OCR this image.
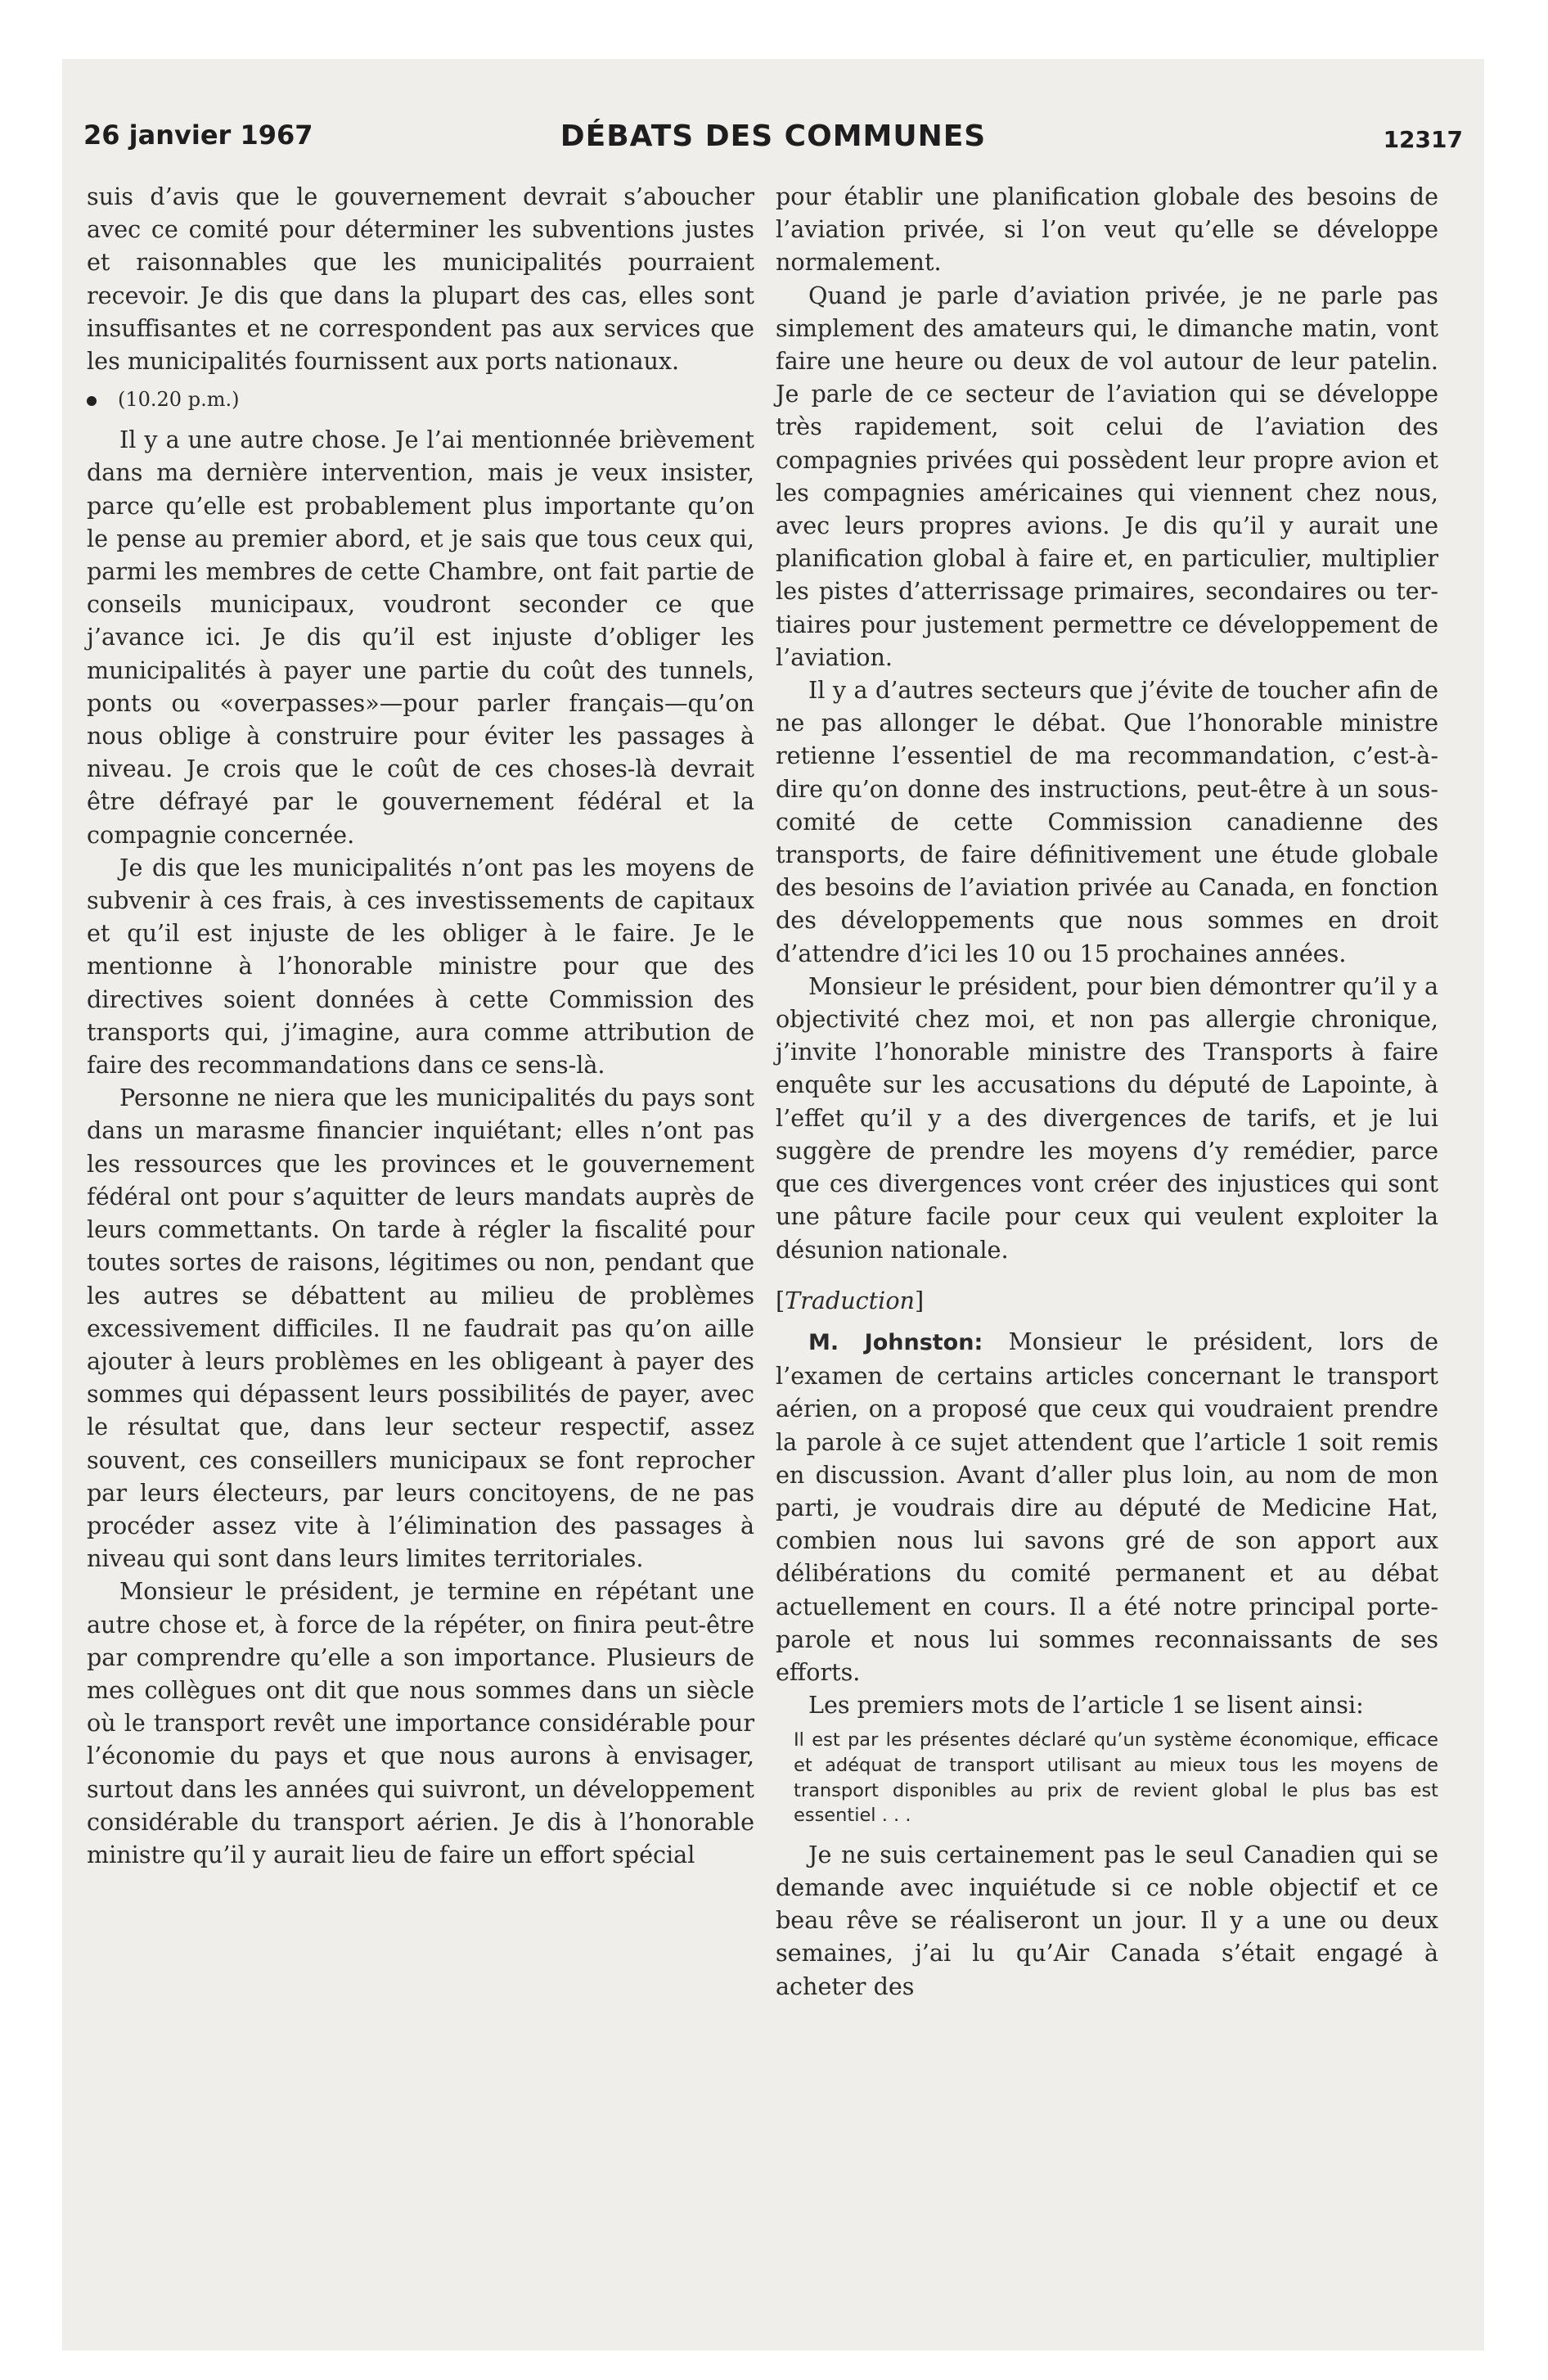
26 janvier 1967	DÉBATS DES COMMUNES	12317

suis d’avis que le gouvernement devrait s’aboucher avec ce comité pour déterminer les subventions justes et raisonnables que les municipalités pourraient recevoir. Je dis que dans la plupart des cas, elles sont insuffisantes et ne correspondent pas aux services que les municipalités fournissent aux ports nationaux.

(10.20 p.m.)

Il y a une autre chose. Je l’ai mentionnée brièvement dans ma dernière intervention, mais je veux insister, parce qu’elle est probablement plus importante qu’on le pense au premier abord, et je sais que tous ceux qui, parmi les membres de cette Chambre, ont fait partie de conseils municipaux, voudront seconder ce que j’avance ici. Je dis qu’il est injuste d’obliger les municipalités à payer une partie du coût des tunnels, ponts ou «overpasses»—pour parler français—qu’on nous oblige à construire pour éviter les passages à niveau. Je crois que le coût de ces choses-là devrait être défrayé par le gouvernement fédéral et la compagnie concernée.

Je dis que les municipalités n’ont pas les moyens de subvenir à ces frais, à ces investissements de capitaux et qu’il est injuste de les obliger à le faire. Je le mentionne à l’honorable ministre pour que des directives soient données à cette Commission des transports qui, j’imagine, aura comme attribution de faire des recommandations dans ce sens-là.

Personne ne niera que les municipalités du pays sont dans un marasme financier inquiétant; elles n’ont pas les ressources que les provinces et le gouvernement fédéral ont pour s’aquitter de leurs mandats auprès de leurs commettants. On tarde à régler la fiscalité pour toutes sortes de raisons, légitimes ou non, pendant que les autres se débattent au milieu de problèmes excessivement difficiles. Il ne faudrait pas qu’on aille ajouter à leurs problèmes en les obligeant à payer des sommes qui dépassent leurs possibilités de payer, avec le résultat que, dans leur secteur respectif, assez souvent, ces conseillers municipaux se font reprocher par leurs électeurs, par leurs concitoyens, de ne pas procéder assez vite à l’élimination des passages à niveau qui sont dans leurs limites territoriales.

Monsieur le président, je termine en répétant une autre chose et, à force de la répéter, on finira peut-être par comprendre qu’elle a son importance. Plusieurs de mes collègues ont dit que nous sommes dans un siècle où le transport revêt une importance considérable pour l’économie du pays et que nous aurons à envisager, surtout dans les années qui suivront, un développement considérable du transport aérien. Je dis à l’honorable ministre qu’il y aurait lieu de faire un effort spécial

pour établir une planification globale des besoins de l’aviation privée, si l’on veut qu’elle se développe normalement.

Quand je parle d’aviation privée, je ne parle pas simplement des amateurs qui, le dimanche matin, vont faire une heure ou deux de vol autour de leur patelin. Je parle de ce secteur de l’aviation qui se développe très rapidement, soit celui de l’aviation des compagnies privées qui possèdent leur propre avion et les compagnies américaines qui viennent chez nous, avec leurs propres avions. Je dis qu’il y aurait une planification global à faire et, en particulier, multiplier les pistes d’atterrissage primaires, secondaires ou tertiaires pour justement permettre ce développement de l’aviation.

Il y a d’autres secteurs que j’évite de toucher afin de ne pas allonger le débat. Que l’honorable ministre retienne l’essentiel de ma recommandation, c’est-à-dire qu’on donne des instructions, peut-être à un sous-comité de cette Commission canadienne des transports, de faire définitivement une étude globale des besoins de l’aviation privée au Canada, en fonction des développements que nous sommes en droit d’attendre d’ici les 10 ou 15 prochaines années.

Monsieur le président, pour bien démontrer qu’il y a objectivité chez moi, et non pas allergie chronique, j’invite l’honorable ministre des Transports à faire enquête sur les accusations du député de Lapointe, à l’effet qu’il y a des divergences de tarifs, et je lui suggère de prendre les moyens d’y remédier, parce que ces divergences vont créer des injustices qui sont une pâture facile pour ceux qui veulent exploiter la désunion nationale.

[Traduction]

M. Johnston: Monsieur le président, lors de l’examen de certains articles concernant le transport aérien, on a proposé que ceux qui voudraient prendre la parole à ce sujet attendent que l’article 1 soit remis en discussion. Avant d’aller plus loin, au nom de mon parti, je voudrais dire au député de Medicine Hat, combien nous lui savons gré de son apport aux délibérations du comité permanent et au débat actuellement en cours. Il a été notre principal porte-parole et nous lui sommes reconnaissants de ses efforts.

Les premiers mots de l’article 1 se lisent ainsi:

Il est par les présentes déclaré qu’un système économique, efficace et adéquat de transport utilisant au mieux tous les moyens de transport disponibles au prix de revient global le plus bas est essentiel . . .

Je ne suis certainement pas le seul Canadien qui se demande avec inquiétude si ce noble objectif et ce beau rêve se réaliseront un jour. Il y a une ou deux semaines, j’ai lu qu’Air Canada s’était engagé à acheter des
